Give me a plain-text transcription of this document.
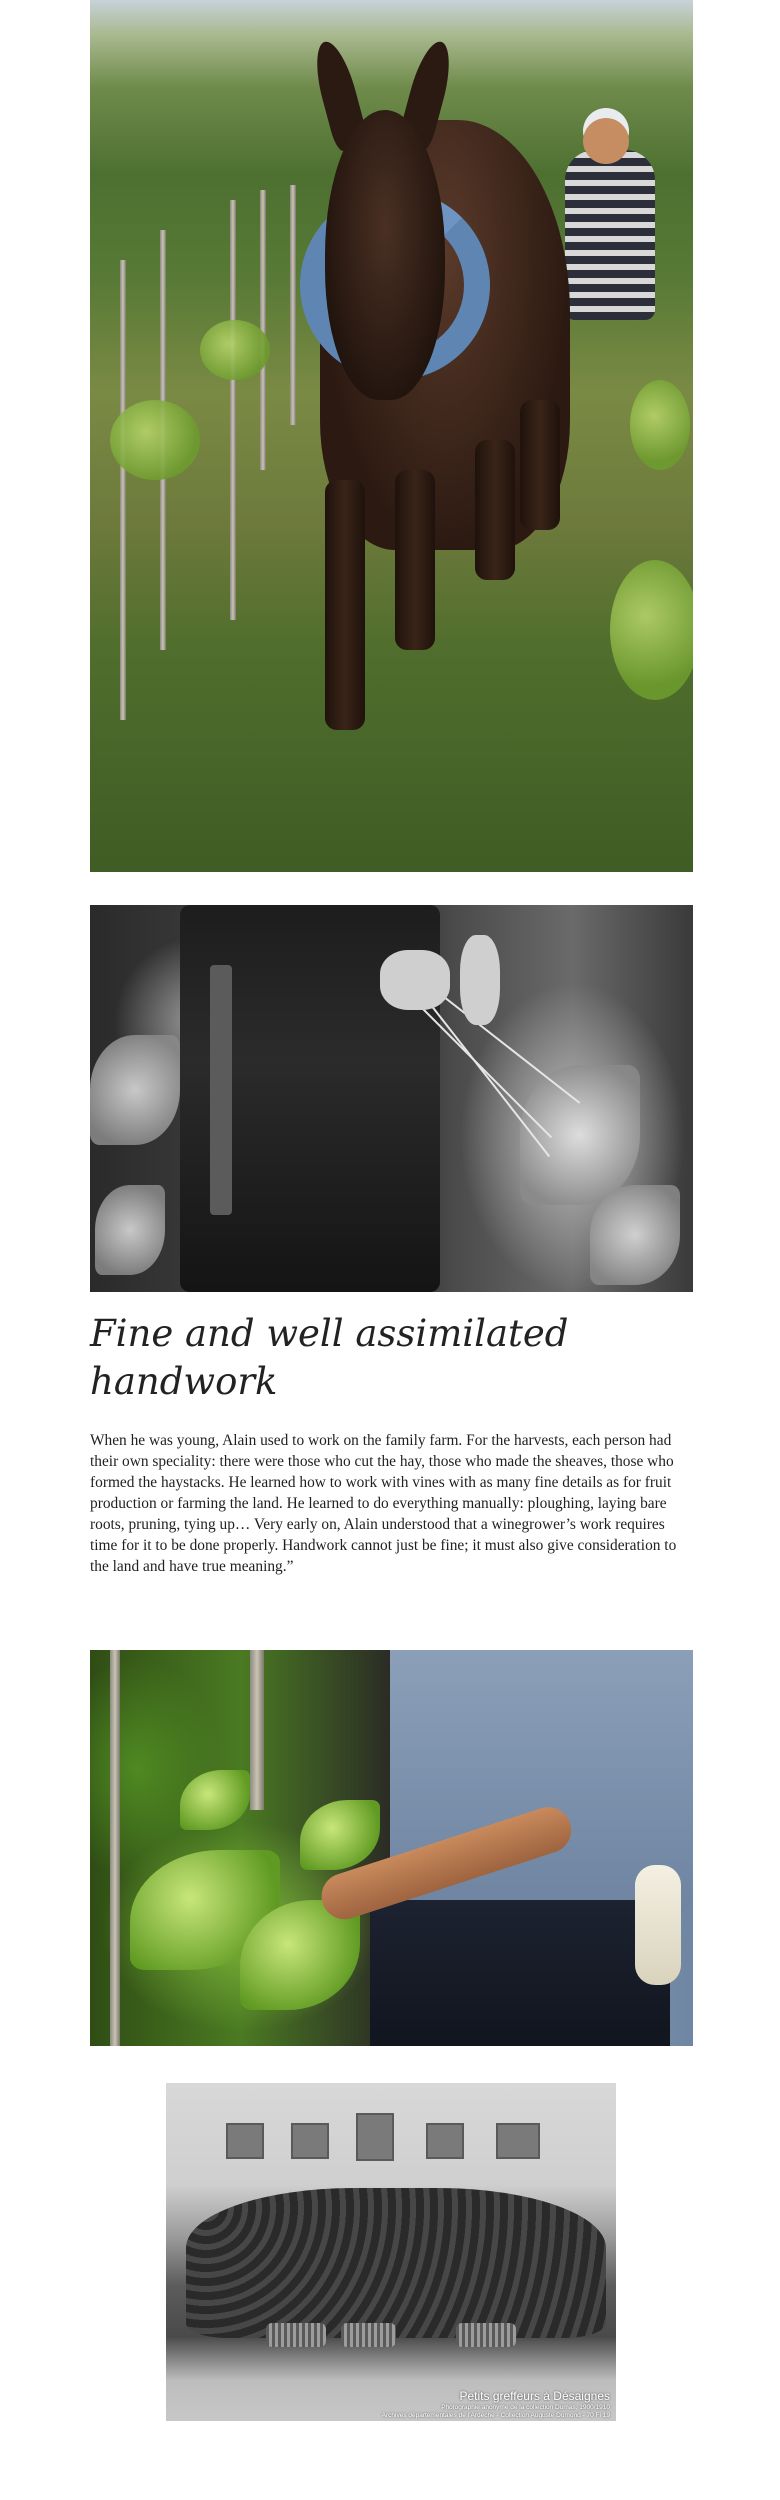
Fine and well assimilated handwork

When he was young, Alain used to work on the family farm. For the harvests, each person had their own speciality: there were those who cut the hay, those who made the sheaves, those who formed the haystacks. He learned how to work with vines with as many fine details as for fruit production or farming the land. He learned to do everything manually: ploughing, laying bare roots, pruning, tying up… Very early on, Alain understood that a winegrower’s work requires time for it to be done properly. Handwork cannot just be fine; it must also give consideration to the land and have true meaning.”

Petits greffeurs à Désaignes
Photographie anonyme de la collection Dumas, 1900/1910
Archives départementales de l’Ardèche - Collection Auguste Dumond - 70 Fi 19
